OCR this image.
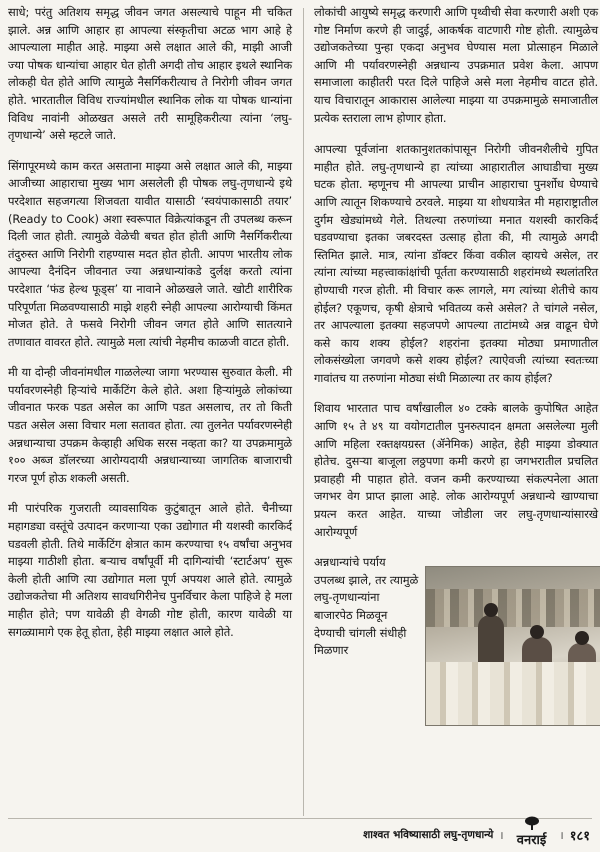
साधे; परंतु अतिशय समृद्ध जीवन जगत असल्याचे पाहून मी चकित झाले. अन्न आणि आहार हा आपल्या संस्कृतीचा अटळ भाग आहे हे आपल्याला माहीत आहे. माझ्या असे लक्षात आले की, माझी आजी ज्या पोषक धान्यांचा आहार घेत होती अगदी तोच आहार इथले स्थानिक लोकही घेत होते आणि त्यामुळे नैसर्गिकरीत्याच ते निरोगी जीवन जगत होते. भारतातील विविध राज्यांमधील स्थानिक लोक या पोषक धान्यांना विविध नावांनी ओळखत असले तरी सामूहिकरीत्या त्यांना ‘लघु-तृणधान्ये’ असे म्हटले जाते.

सिंगापूरमध्ये काम करत असताना माझ्या असे लक्षात आले की, माझ्या आजीच्या आहाराचा मुख्य भाग असलेली ही पोषक लघु-तृणधान्ये इथे परदेशात सहजगत्या शिजवता यावीत यासाठी ‘स्वयंपाकासाठी तयार’ (Ready to Cook) अशा स्वरूपात विक्रेत्यांकडून ती उपलब्ध करून दिली जात होती. त्यामुळे वेळेची बचत होत होती आणि नैसर्गिकरीत्या तंदुरुस्त आणि निरोगी राहण्यास मदत होत होती. आपण भारतीय लोक आपल्या दैनंदिन जीवनात ज्या अन्नधान्यांकडे दुर्लक्ष करतो त्यांना परदेशात ‘फंड हेल्थ फूड्स’ या नावाने ओळखले जाते. खोटी शारीरिक परिपूर्णता मिळवण्यासाठी माझे शहरी स्नेही आपल्या आरोग्याची किंमत मोजत होते. ते फसवे निरोगी जीवन जगत होते आणि सातत्याने तणावात वावरत होते. त्यामुळे मला त्यांची नेहमीच काळजी वाटत होती.

मी या दोन्ही जीवनांमधील गाळलेल्या जागा भरण्यास सुरुवात केली. मी पर्यावरणस्नेही हिऱ्यांचे मार्केटिंग केले होते. अशा हिऱ्यांमुळे लोकांच्या जीवनात फरक पडत असेल का आणि पडत असलाच, तर तो किती पडत असेल असा विचार मला सतावत होता. त्या तुलनेत पर्यावरणस्नेही अन्नधान्याचा उपक्रम केव्हाही अधिक सरस नव्हता का? या उपक्रमामुळे १०० अब्ज डॉलरच्या आरोग्यदायी अन्नधान्याच्या जागतिक बाजाराची गरज पूर्ण होऊ शकली असती.

मी पारंपरिक गुजराती व्यावसायिक कुटुंबातून आले होते. चैनीच्या महागड्या वस्तूंचे उत्पादन करणाऱ्या एका उद्योगात मी यशस्वी कारकिर्द घडवली होती. तिथे मार्केटिंग क्षेत्रात काम करण्याचा १५ वर्षांचा अनुभव माझ्या गाठीशी होता. बऱ्याच वर्षांपूर्वी मी दागिन्यांची ‘स्टार्टअप’ सुरू केली होती आणि त्या उद्योगात मला पूर्ण अपयश आले होते. त्यामुळे उद्योजकतेचा मी अतिशय सावधगिरीनेच पुनर्विचार केला पाहिजे हे मला माहीत होते; पण यावेळी ही वेगळी गोष्ट होती, कारण यावेळी या सगळ्यामागे एक हेतू होता, हेही माझ्या लक्षात आले होते.

लोकांची आयुष्ये समृद्ध करणारी आणि पृथ्वीची सेवा करणारी अशी एक गोष्ट निर्माण करणे ही जादुई, आकर्षक वाटणारी गोष्ट होती. त्यामुळेच उद्योजकतेच्या पुन्हा एकदा अनुभव घेण्यास मला प्रोत्साहन मिळाले आणि मी पर्यावरणस्नेही अन्नधान्य उपक्रमात प्रवेश केला. आपण समाजाला काहीतरी परत दिले पाहिजे असे मला नेहमीच वाटत होते. याच विचारातून आकारास आलेल्या माझ्या या उपक्रमामुळे समाजातील प्रत्येक स्तराला लाभ होणार होता.

आपल्या पूर्वजांना शतकानुशतकांपासून निरोगी जीवनशैलीचे गुपित माहीत होते. लघु-तृणधान्ये हा त्यांच्या आहारातील आघाडीचा मुख्य घटक होता. म्हणूनच मी आपल्या प्राचीन आहाराचा पुनर्शोध घेण्याचे आणि त्यातून शिकण्याचे ठरवले. माझ्या या शोधयात्रेत मी महाराष्ट्रातील दुर्गम खेड्यांमध्ये गेले. तिथल्या तरुणांच्या मनात यशस्वी कारकिर्द घडवण्याचा इतका जबरदस्त उत्साह होता की, मी त्यामुळे अगदी स्तिमित झाले. मात्र, त्यांना डॉक्टर किंवा वकील व्हायचे असेल, तर त्यांना त्यांच्या महत्त्वाकांक्षांची पूर्तता करण्यासाठी शहरांमध्ये स्थलांतरित होण्याची गरज होती. मी विचार करू लागले, मग त्यांच्या शेतीचे काय होईल? एकूणच, कृषी क्षेत्राचे भवितव्य कसे असेल? ते चांगले नसेल, तर आपल्याला इतक्या सहजपणे आपल्या ताटांमध्ये अन्न वाढून घेणे कसे काय शक्य होईल? शहरांना इतक्या मोठ्या प्रमाणातील लोकसंख्येला जगवणे कसे शक्य होईल? त्याऐवजी त्यांच्या स्वतःच्या गावांतच या तरुणांना मोठ्या संधी मिळाल्या तर काय होईल?

शिवाय भारतात पाच वर्षांखालील ४० टक्के बालके कुपोषित आहेत आणि १५ ते ४९ या वयोगटातील पुनरुत्पादन क्षमता असलेल्या मुली आणि महिला रक्तक्षयग्रस्त (ॲनेमिक) आहेत, हेही माझ्या डोक्यात होतेच. दुसऱ्या बाजूला लठ्ठपणा कमी करणे हा जगभरातील प्रचलित प्रवाहही मी पाहात होते. वजन कमी करण्याच्या संकल्पनेला आता जगभर वेग प्राप्त झाला आहे. लोक आरोग्यपूर्ण अन्नधान्ये खाण्याचा प्रयत्न करत आहेत. याच्या जोडीला जर लघु-तृणधान्यांसारखे आरोग्यपूर्ण

अन्नधान्यांचे पर्याय उपलब्ध झाले, तर त्यामुळे लघु-तृणधान्यांना बाजारपेठ मिळवून देण्याची चांगली संधीही मिळणार
शाश्वत भविष्यासाठी लघु-तृणधान्ये । वनराई । १८१
